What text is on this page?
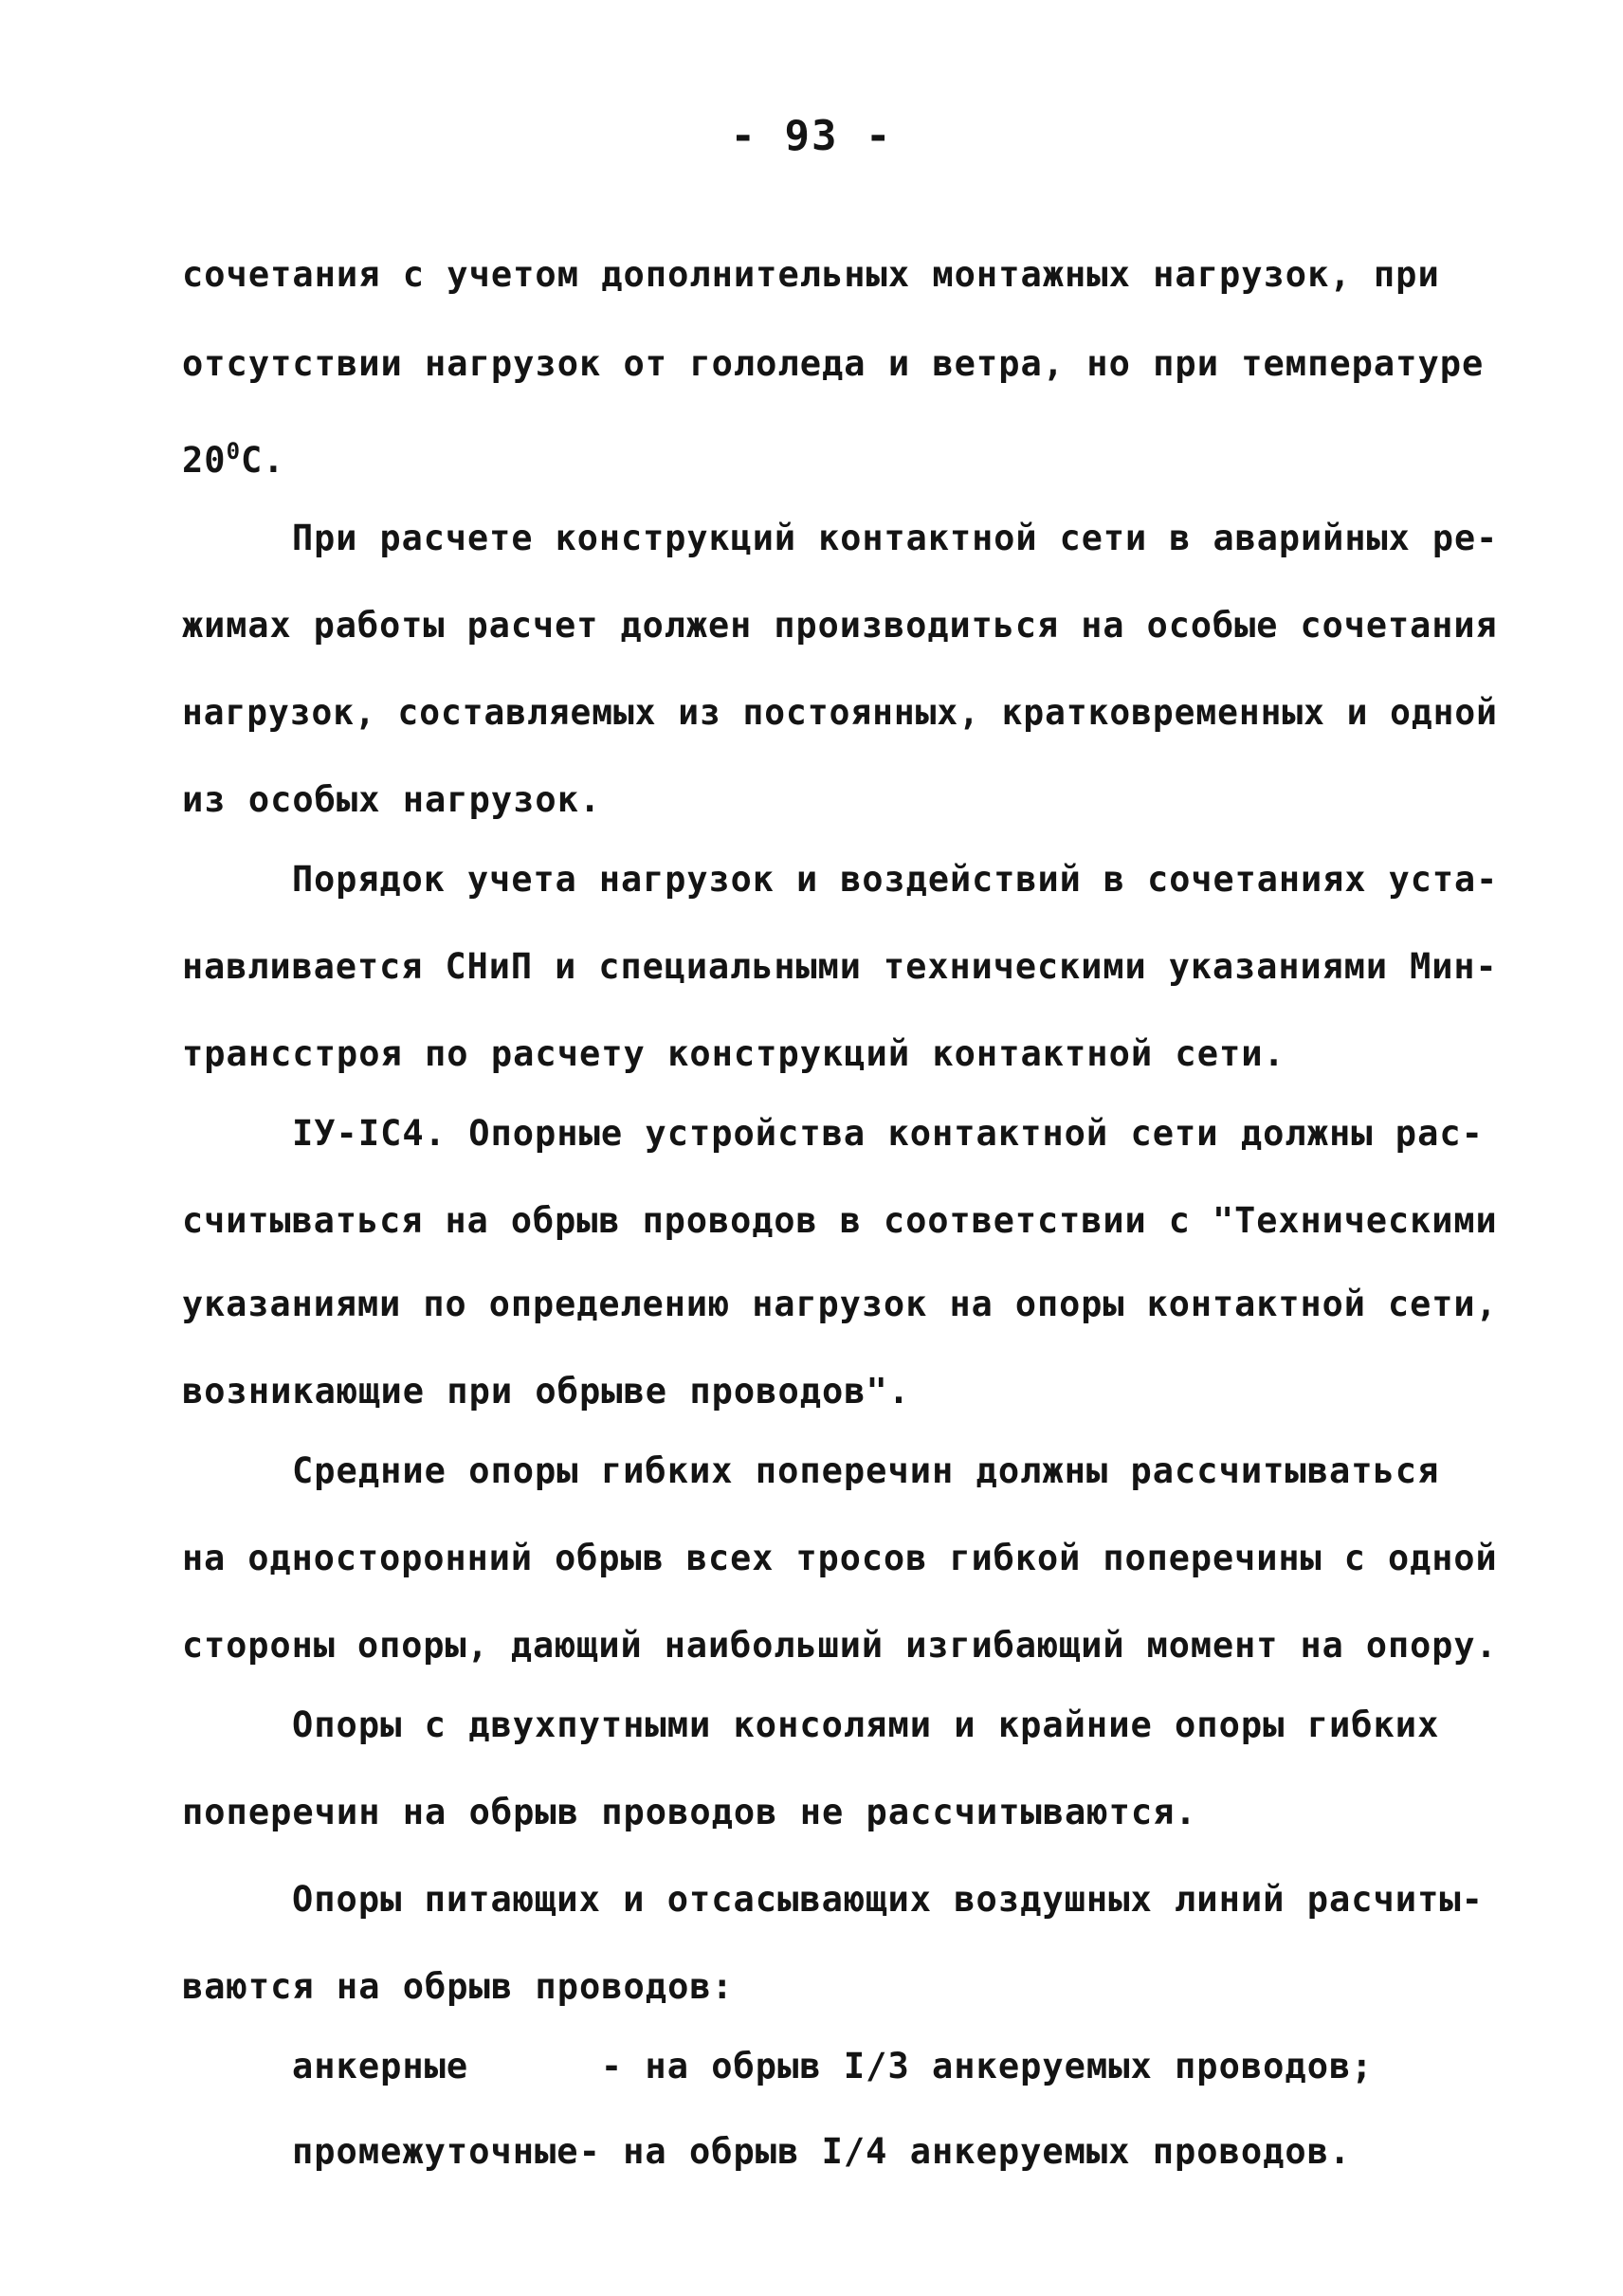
- 93 -
сочетания с учетом дополнительных монтажных нагрузок, при
отсутствии нагрузок от гололеда и ветра, но при температуре
$20^0С$.
При расчете конструкций контактной сети в аварийных ре-
жимах работы расчет должен производиться на особые сочетания
нагрузок, составляемых из постоянных, кратковременных и одной
из особых нагрузок.
Порядок учета нагрузок и воздействий в сочетаниях уста-
навливается СНиП и специальными техническими указаниями Мин-
трансстроя по расчету конструкций контактной сети.
IУ-IC4. Опорные устройства контактной сети должны рас-
считываться на обрыв проводов в соответствии с "Техническими
указаниями по определению нагрузок на опоры контактной сети,
возникающие при обрыве проводов".
Средние опоры гибких поперечин должны рассчитываться
на односторонний обрыв всех тросов гибкой поперечины с одной
стороны опоры, дающий наибольший изгибающий момент на опору.
Опоры с двухпутными консолями и крайние опоры гибких
поперечин на обрыв проводов не рассчитываются.
Опоры питающих и отсасывающих воздушных линий расчиты-
ваются на обрыв проводов:
анкерные      - на обрыв I/3 анкеруемых проводов;
промежуточные- на обрыв I/4 анкеруемых проводов.
